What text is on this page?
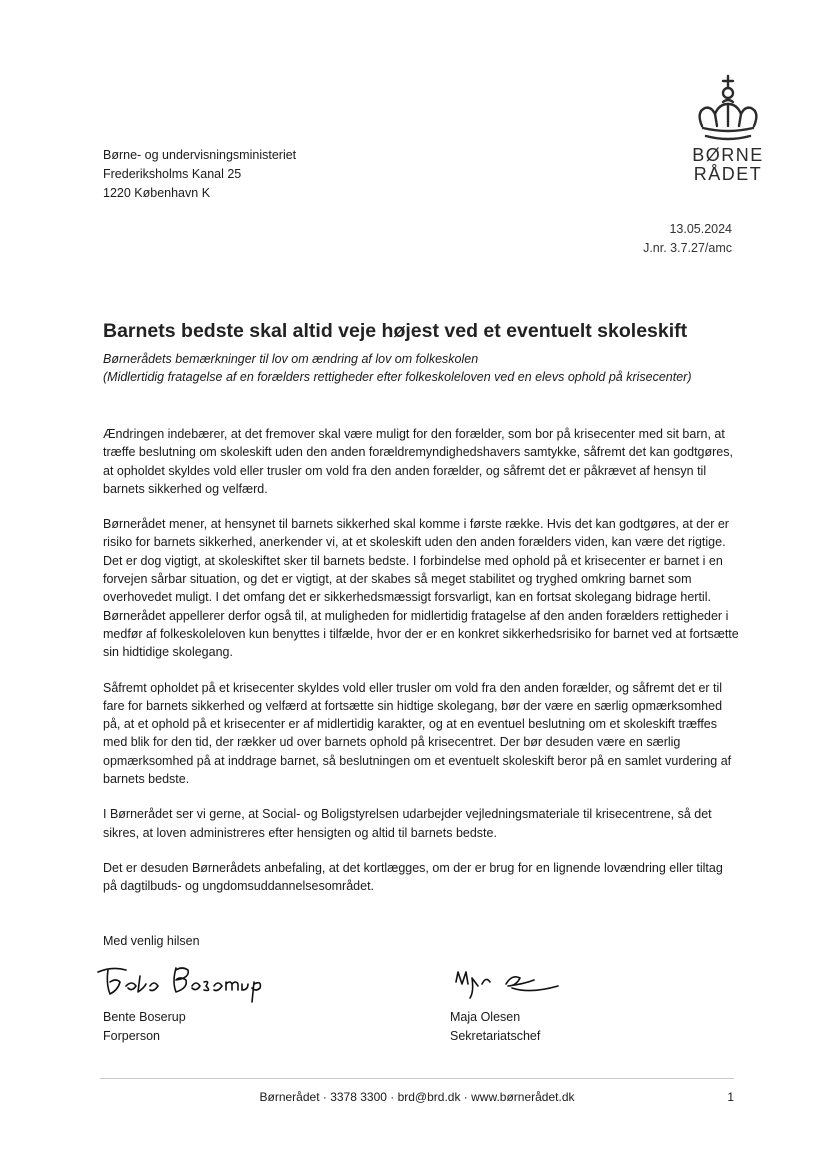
BØRNE
RÅDET
Børne- og undervisningsministeriet
Frederiksholms Kanal 25
1220 København K
13.05.2024
J.nr. 3.7.27/amc
Barnets bedste skal altid veje højest ved et eventuelt skoleskift
Børnerådets bemærkninger til lov om ændring af lov om folkeskolen
(Midlertidig fratagelse af en forælders rettigheder efter folkeskoleloven ved en elevs ophold på krisecenter)

Ændringen indebærer, at det fremover skal være muligt for den forælder, som bor på krisecenter med sit barn, at træffe beslutning om skoleskift uden den anden forældremyndighedshavers samtykke, såfremt det kan godtgøres, at opholdet skyldes vold eller trusler om vold fra den anden forælder, og såfremt det er påkrævet af hensyn til barnets sikkerhed og velfærd.

Børnerådet mener, at hensynet til barnets sikkerhed skal komme i første række. Hvis det kan godtgøres, at der er risiko for barnets sikkerhed, anerkender vi, at et skoleskift uden den anden forælders viden, kan være det rigtige. Det er dog vigtigt, at skoleskiftet sker til barnets bedste. I forbindelse med ophold på et krisecenter er barnet i en forvejen sårbar situation, og det er vigtigt, at der skabes så meget stabilitet og tryghed omkring barnet som overhovedet muligt. I det omfang det er sikkerhedsmæssigt forsvarligt, kan en fortsat skolegang bidrage hertil. Børnerådet appellerer derfor også til, at muligheden for midlertidig fratagelse af den anden forælders rettigheder i medfør af folkeskoleloven kun benyttes i tilfælde, hvor der er en konkret sikkerhedsrisiko for barnet ved at fortsætte sin hidtidige skolegang.

Såfremt opholdet på et krisecenter skyldes vold eller trusler om vold fra den anden forælder, og såfremt det er til fare for barnets sikkerhed og velfærd at fortsætte sin hidtige skolegang, bør der være en særlig opmærksomhed på, at et ophold på et krisecenter er af midlertidig karakter, og at en eventuel beslutning om et skoleskift træffes med blik for den tid, der rækker ud over barnets ophold på krisecentret. Der bør desuden være en særlig opmærksomhed på at inddrage barnet, så beslutningen om et eventuelt skoleskift beror på en samlet vurdering af barnets bedste.

I Børnerådet ser vi gerne, at Social- og Boligstyrelsen udarbejder vejledningsmateriale til krisecentrene, så det sikres, at loven administreres efter hensigten og altid til barnets bedste.

Det er desuden Børnerådets anbefaling, at det kortlægges, om der er brug for en lignende lovændring eller tiltag på dagtilbuds- og ungdomsuddannelsesområdet.

Med venlig hilsen
Bente Boserup
Forperson
Maja Olesen
Sekretariatschef
Børnerådet · 3378 3300 · brd@brd.dk · www.børnerådet.dk	1
